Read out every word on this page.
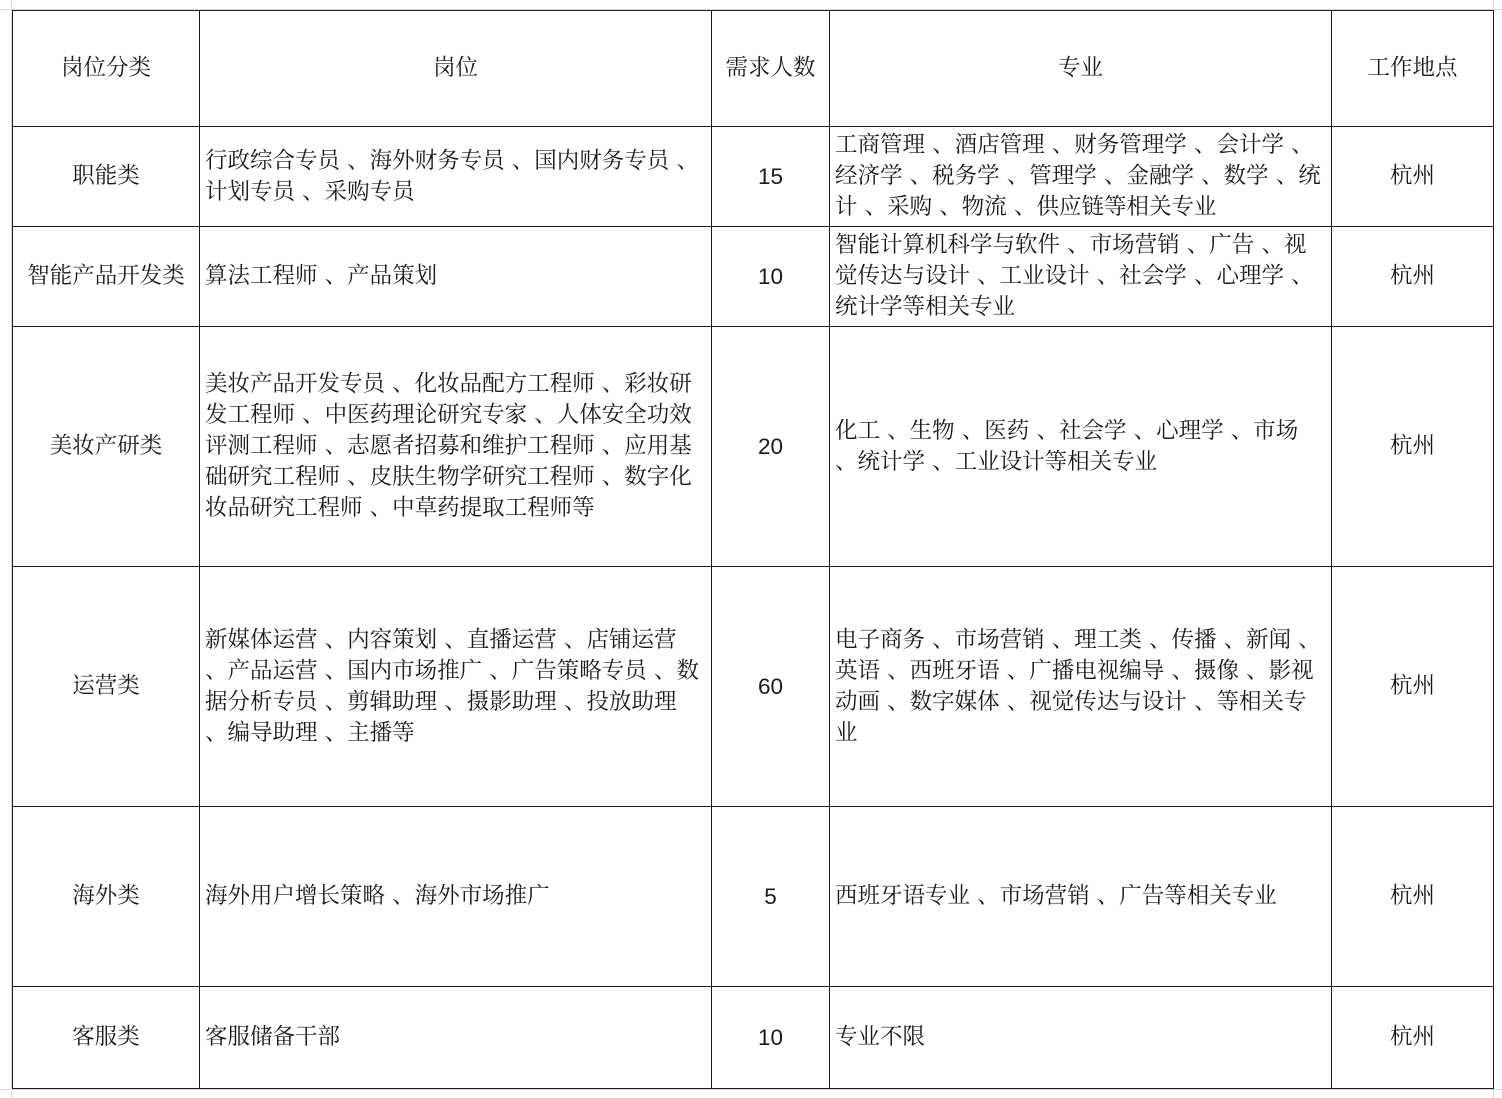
岗位分类	岗位	需求人数	专业	工作地点
职能类	行政综合专员 、海外财务专员 、国内财务专员 、计划专员 、采购专员	15	工商管理 、酒店管理 、财务管理学 、会计学 、经济学 、税务学 、管理学 、金融学 、数学 、统计 、采购 、物流 、供应链等相关专业	杭州
智能产品开发类	算法工程师 、产品策划	10	智能计算机科学与软件 、市场营销 、广告 、视觉传达与设计 、工业设计 、社会学 、心理学 、统计学等相关专业	杭州
美妆产研类	美妆产品开发专员 、化妆品配方工程师 、彩妆研发工程师 、中医药理论研究专家 、人体安全功效评测工程师 、志愿者招募和维护工程师 、应用基础研究工程师 、皮肤生物学研究工程师 、数字化妆品研究工程师 、中草药提取工程师等	20	化工 、生物 、医药 、社会学 、心理学 、市场 、统计学 、工业设计等相关专业	杭州
运营类	新媒体运营 、内容策划 、直播运营 、店铺运营 、产品运营 、国内市场推广 、广告策略专员 、数据分析专员 、剪辑助理 、摄影助理 、投放助理 、编导助理 、主播等	60	电子商务 、市场营销 、理工类 、传播 、新闻 、英语 、西班牙语 、广播电视编导 、摄像 、影视动画 、数字媒体 、视觉传达与设计 、等相关专业	杭州
海外类	海外用户增长策略 、海外市场推广	5	西班牙语专业 、市场营销 、广告等相关专业	杭州
客服类	客服储备干部	10	专业不限	杭州
